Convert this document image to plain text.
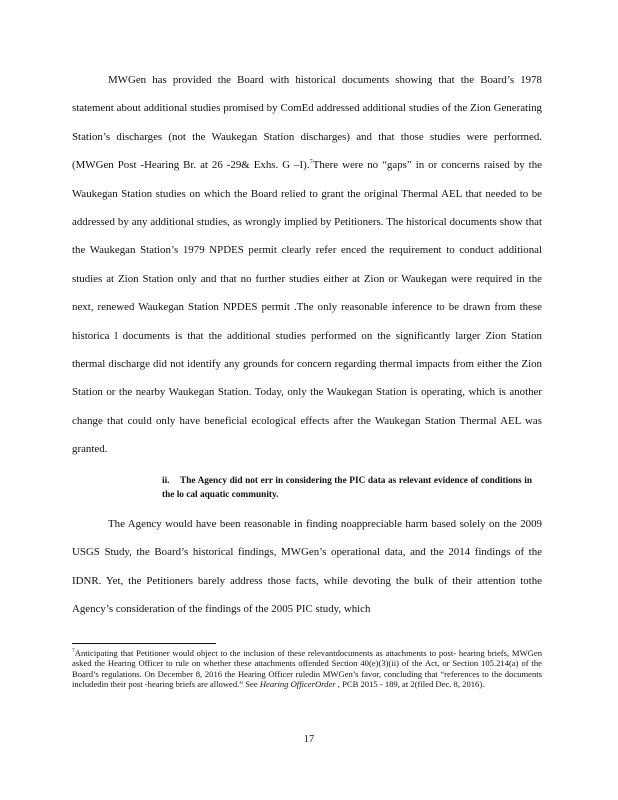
MWGen has provided the Board with historical documents showing that the Board’s 1978 statement about additional studies promised by ComEd addressed additional studies of the Zion Generating Station’s discharges (not the Waukegan Station discharges) and that those studies were performed. (MWGen Post -Hearing Br. at 26 -29& Exhs. G –I).$^7$There were no “gaps” in or concerns raised by the Waukegan Station studies on which the Board relied to grant the original Thermal AEL that needed to be addressed by any additional studies, as wrongly implied by Petitioners. The historical documents show that the Waukegan Station’s 1979 NPDES permit clearly refer enced the requirement to conduct additional studies at Zion Station only and that no further studies either at Zion or Waukegan were required in the next, renewed Waukegan Station NPDES permit .The only reasonable inference to be drawn from these historica l documents is that the additional studies performed on the significantly larger Zion Station thermal discharge did not identify any grounds for concern regarding thermal impacts from either the Zion Station or the nearby Waukegan Station. Today, only the Waukegan Station is operating, which is another change that could only have beneficial ecological effects after the Waukegan Station Thermal AEL was granted.

ii. The Agency did not err in considering the PIC data as relevant evidence of conditions in the lo cal aquatic community.

The Agency would have been reasonable in finding noappreciable harm based solely on the 2009 USGS Study, the Board’s historical findings, MWGen’s operational data, and the 2014 findings of the IDNR. Yet, the Petitioners barely address those facts, while devoting the bulk of their attention tothe Agency’s consideration of the findings of the 2005 PIC study, which

$^7$Anticipating that Petitioner would object to the inclusion of these relevantdocuments as attachments to post- hearing briefs, MWGen asked the Hearing Officer to rule on whether these attachments offended Section 40(e)(3)(ii) of the Act, or Section 105.214(a) of the Board’s regulations. On December 8, 2016 the Hearing Officer ruledin MWGen’s favor, concluding that “references to the documents includedin their post -hearing briefs are allowed.” See Hearing OfficerOrder , PCB 2015 - 189, at 2(filed Dec. 8, 2016).
17
